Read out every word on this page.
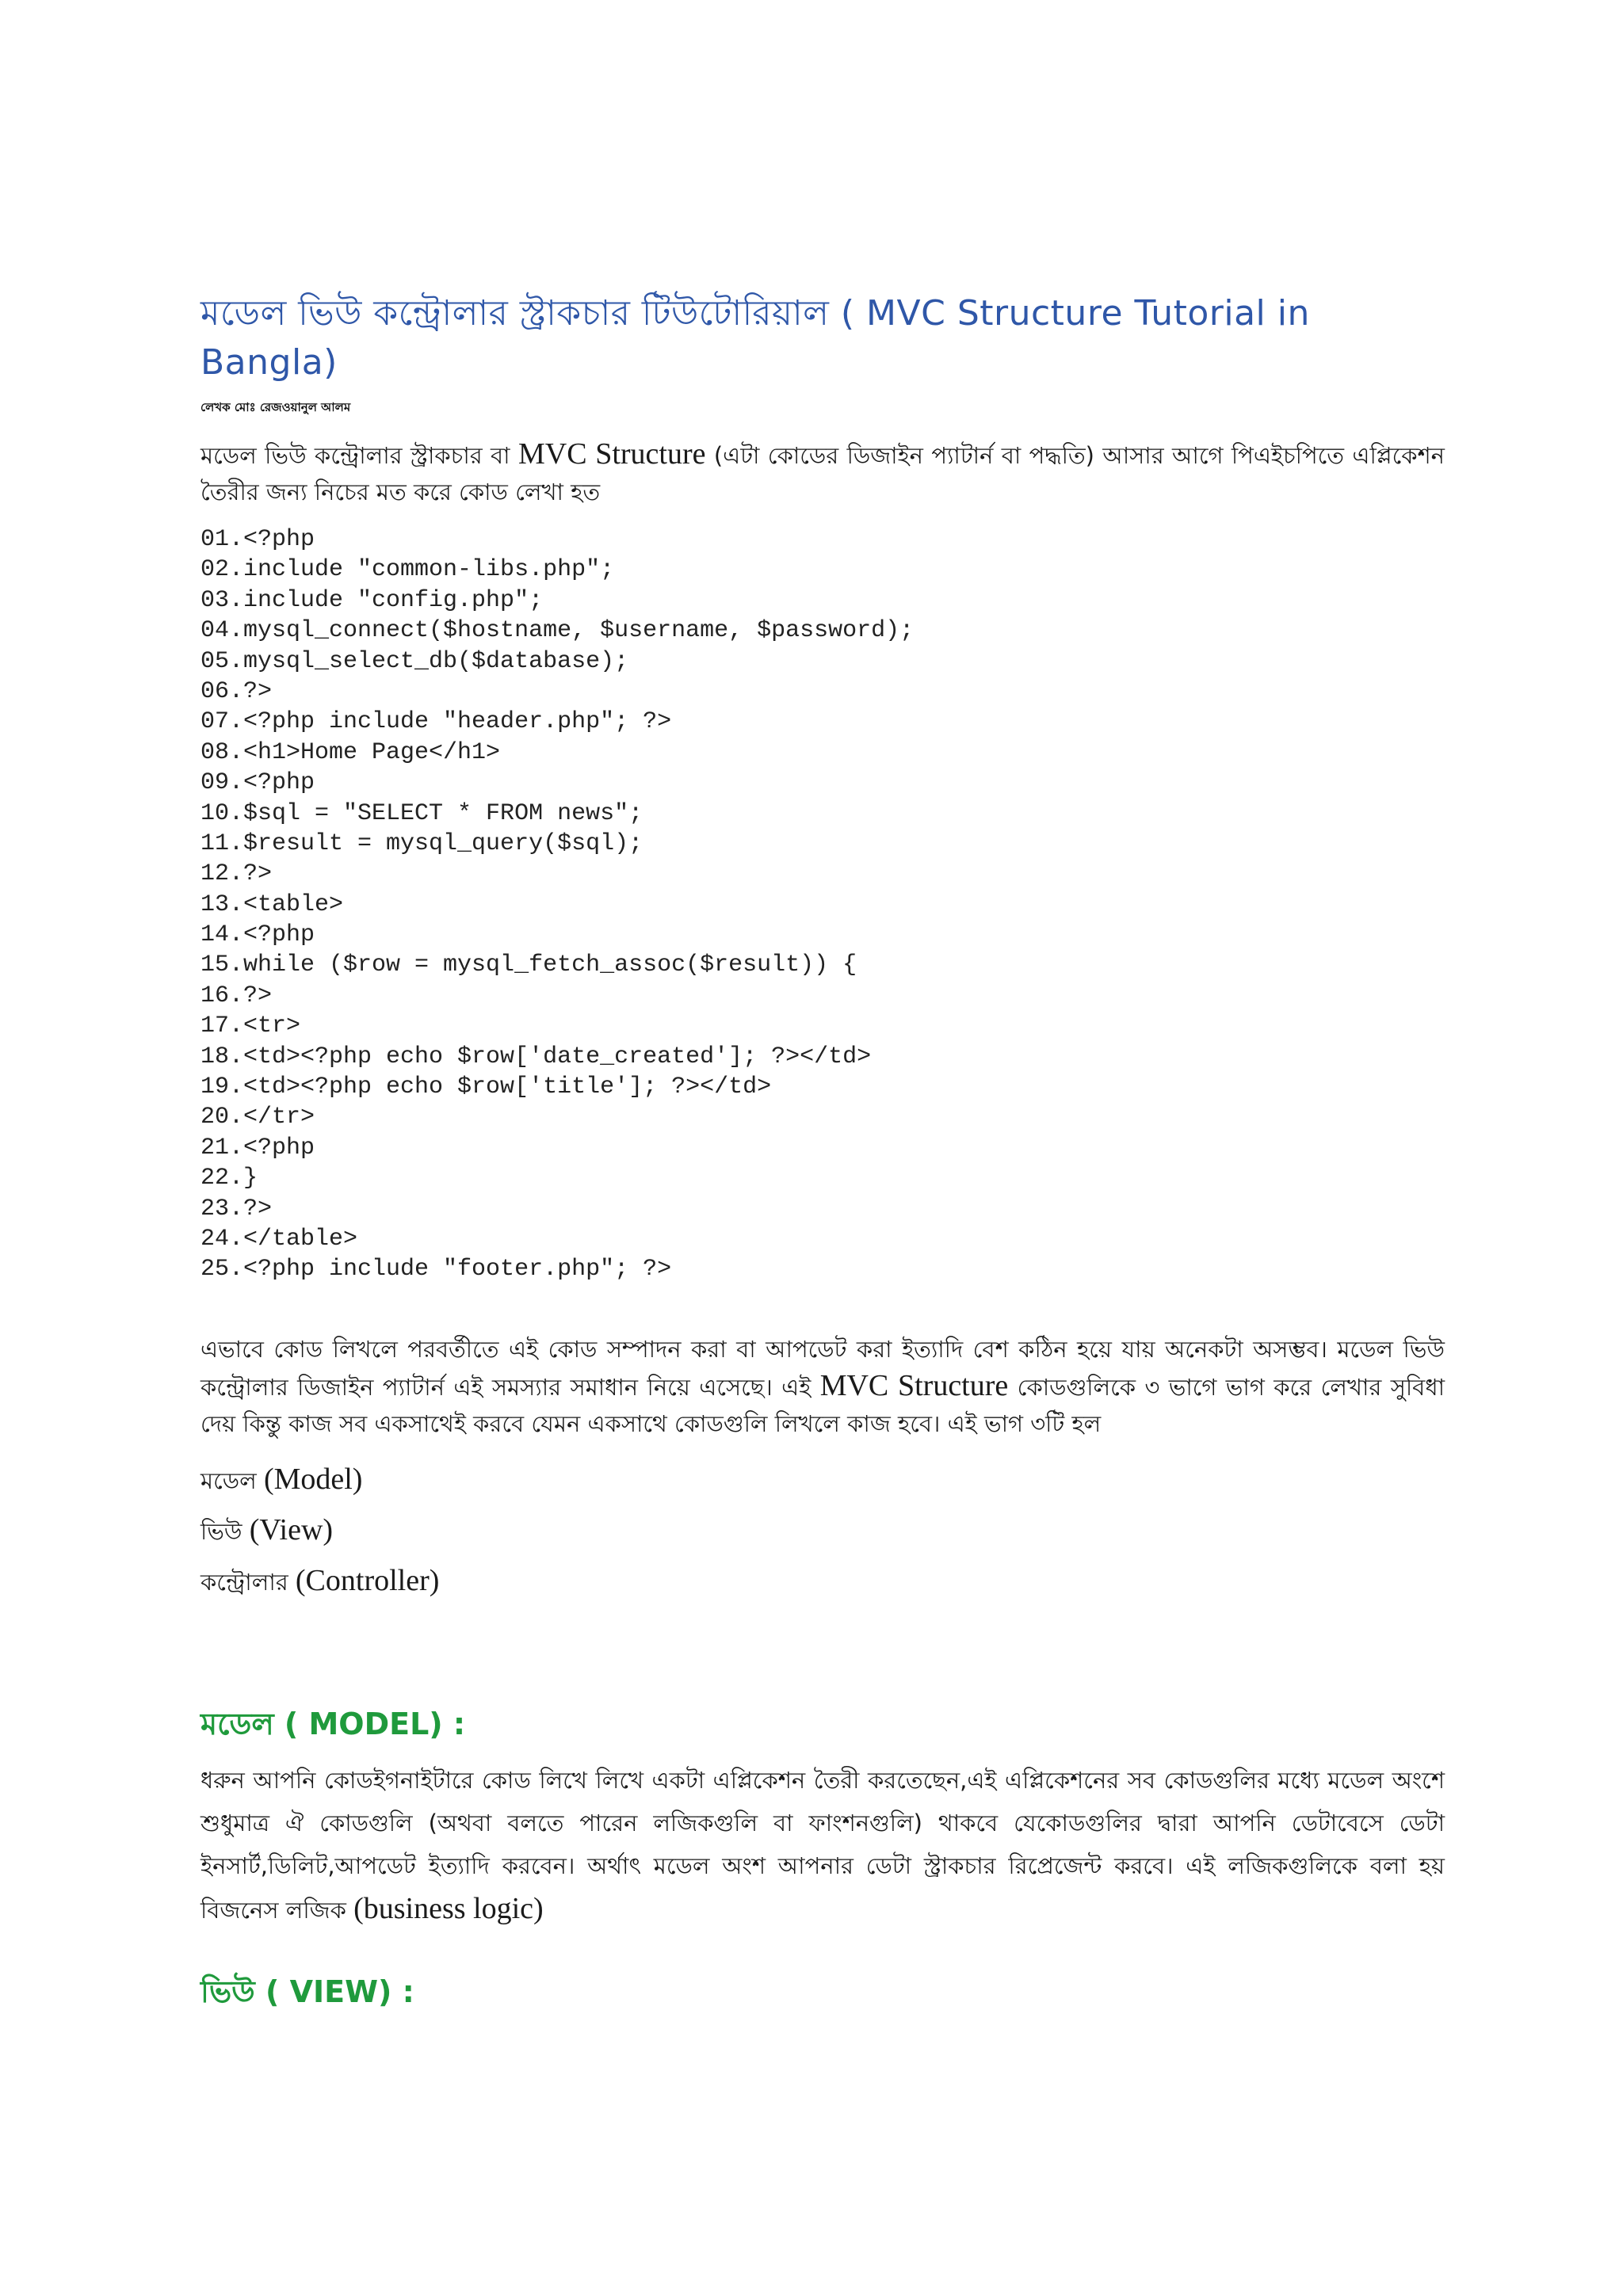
মডেল ভিউ কন্ট্রোলার স্ট্রাকচার টিউটোরিয়াল ( MVC Structure Tutorial in Bangla)

লেখক মোঃ রেজওয়ানুল আলম

মডেল ভিউ কন্ট্রোলার স্ট্রাকচার বা MVC Structure (এটা কোডের ডিজাইন প্যাটার্ন বা পদ্ধতি) আসার আগে পিএইচপিতে এপ্লিকেশন তৈরীর জন্য নিচের মত করে কোড লেখা হত

01.<?php
02.include "common-libs.php";
03.include "config.php";
04.mysql_connect($hostname, $username, $password);
05.mysql_select_db($database);
06.?>
07.<?php include "header.php"; ?>
08.<h1>Home Page</h1>
09.<?php
10.$sql = "SELECT * FROM news";
11.$result = mysql_query($sql);
12.?>
13.<table>
14.<?php
15.while ($row = mysql_fetch_assoc($result)) {
16.?>
17.<tr>
18.<td><?php echo $row['date_created']; ?></td>
19.<td><?php echo $row['title']; ?></td>
20.</tr>
21.<?php
22.}
23.?>
24.</table>
25.<?php include "footer.php"; ?>

এভাবে কোড লিখলে পরবর্তীতে এই কোড সম্পাদন করা বা আপডেট করা ইত্যাদি বেশ কঠিন হয়ে যায় অনেকটা অসম্ভব। মডেল ভিউ কন্ট্রোলার ডিজাইন প্যাটার্ন এই সমস্যার সমাধান নিয়ে এসেছে। এই MVC Structure কোডগুলিকে ৩ ভাগে ভাগ করে লেখার সুবিধা দেয় কিন্তু কাজ সব একসাথেই করবে যেমন একসাথে কোডগুলি লিখলে কাজ হবে। এই ভাগ ৩টি হল

মডেল (Model)
ভিউ (View)
কন্ট্রোলার (Controller)
মডেল ( MODEL) :

ধরুন আপনি কোডইগনাইটারে কোড লিখে লিখে একটা এপ্লিকেশন তৈরী করতেছেন,এই এপ্লিকেশনের সব কোডগুলির মধ্যে মডেল অংশে শুধুমাত্র ঐ কোডগুলি (অথবা বলতে পারেন লজিকগুলি বা ফাংশনগুলি) থাকবে যেকোডগুলির দ্বারা আপনি ডেটাবেসে ডেটা ইনসার্ট,ডিলিট,আপডেট ইত্যাদি করবেন। অর্থাৎ মডেল অংশ আপনার ডেটা স্ট্রাকচার রিপ্রেজেন্ট করবে। এই লজিকগুলিকে বলা হয় বিজনেস লজিক (business logic)

ভিউ ( VIEW) :
